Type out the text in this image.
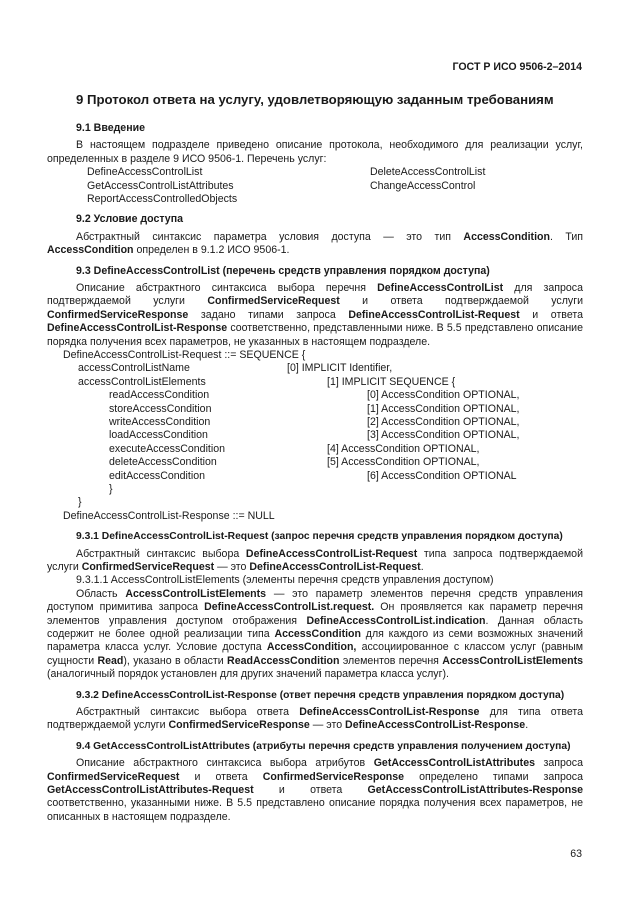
ГОСТ Р ИСО 9506-2–2014
9 Протокол ответа на услугу, удовлетворяющую заданным требованиям
9.1 Введение

В настоящем подразделе приведено описание протокола, необходимого для реализации услуг, определенных в разделе 9 ИСО 9506-1. Перечень услуг:

DefineAccessControlList	DeleteAccessControlList
GetAccessControlListAttributes	ChangeAccessControl
ReportAccessControlledObjects
9.2 Условие доступа

Абстрактный синтаксис параметра условия доступа — это тип AccessCondition. Тип AccessCondition определен в 9.1.2 ИСО 9506-1.

9.3 DefineAccessControlList (перечень средств управления порядком доступа)

Описание абстрактного синтаксиса выбора перечня DefineAccessControlList для запроса подтверждаемой услуги ConfirmedServiceRequest и ответа подтверждаемой услуги ConfirmedServiceResponse задано типами запроса DefineAccessControlList-Request и ответа DefineAccessControlList-Response соответственно, представленными ниже. В 5.5 представлено описание порядка получения всех параметров, не указанных в настоящем подразделе.

DefineAccessControlList-Request ::= SEQUENCE {
accessControlListName	[0] IMPLICIT Identifier,
accessControlListElements	[1] IMPLICIT SEQUENCE {
readAccessCondition	[0] AccessCondition OPTIONAL,
storeAccessCondition	[1] AccessCondition OPTIONAL,
writeAccessCondition	[2] AccessCondition OPTIONAL,
loadAccessCondition	[3] AccessCondition OPTIONAL,
executeAccessCondition	[4] AccessCondition OPTIONAL,
deleteAccessCondition	[5] AccessCondition OPTIONAL,
editAccessCondition	[6] AccessCondition OPTIONAL
}
}
DefineAccessControlList-Response ::= NULL
9.3.1 DefineAccessControlList-Request (запрос перечня средств управления порядком доступа)

Абстрактный синтаксис выбора DefineAccessControlList-Request типа запроса подтверждаемой услуги ConfirmedServiceRequest — это DefineAccessControlList-Request.

9.3.1.1 AccessControlListElements (элементы перечня средств управления доступом)

Область AccessControlListElements — это параметр элементов перечня средств управления доступом примитива запроса DefineAccessControlList.request. Он проявляется как параметр перечня элементов управления доступом отображения DefineAccessControlList.indication. Данная область содержит не более одной реализации типа AccessCondition для каждого из семи возможных значений параметра класса услуг. Условие доступа AccessCondition, ассоциированное с классом услуг (равным сущности Read), указано в области ReadAccessCondition элементов перечня AccessControlListElements (аналогичный порядок установлен для других значений параметра класса услуг).

9.3.2 DefineAccessControlList-Response (ответ перечня средств управления порядком доступа)

Абстрактный синтаксис выбора ответа DefineAccessControlList-Response для типа ответа подтверждаемой услуги ConfirmedServiceResponse — это DefineAccessControlList-Response.

9.4 GetAccessControlListAttributes (атрибуты перечня средств управления получением доступа)

Описание абстрактного синтаксиса выбора атрибутов GetAccessControlListAttributes запроса ConfirmedServiceRequest и ответа ConfirmedServiceResponse определено типами запроса GetAccessControlListAttributes-Request и ответа GetAccessControlListAttributes-Response соответственно, указанными ниже. В 5.5 представлено описание порядка получения всех параметров, не описанных в настоящем подразделе.

63
